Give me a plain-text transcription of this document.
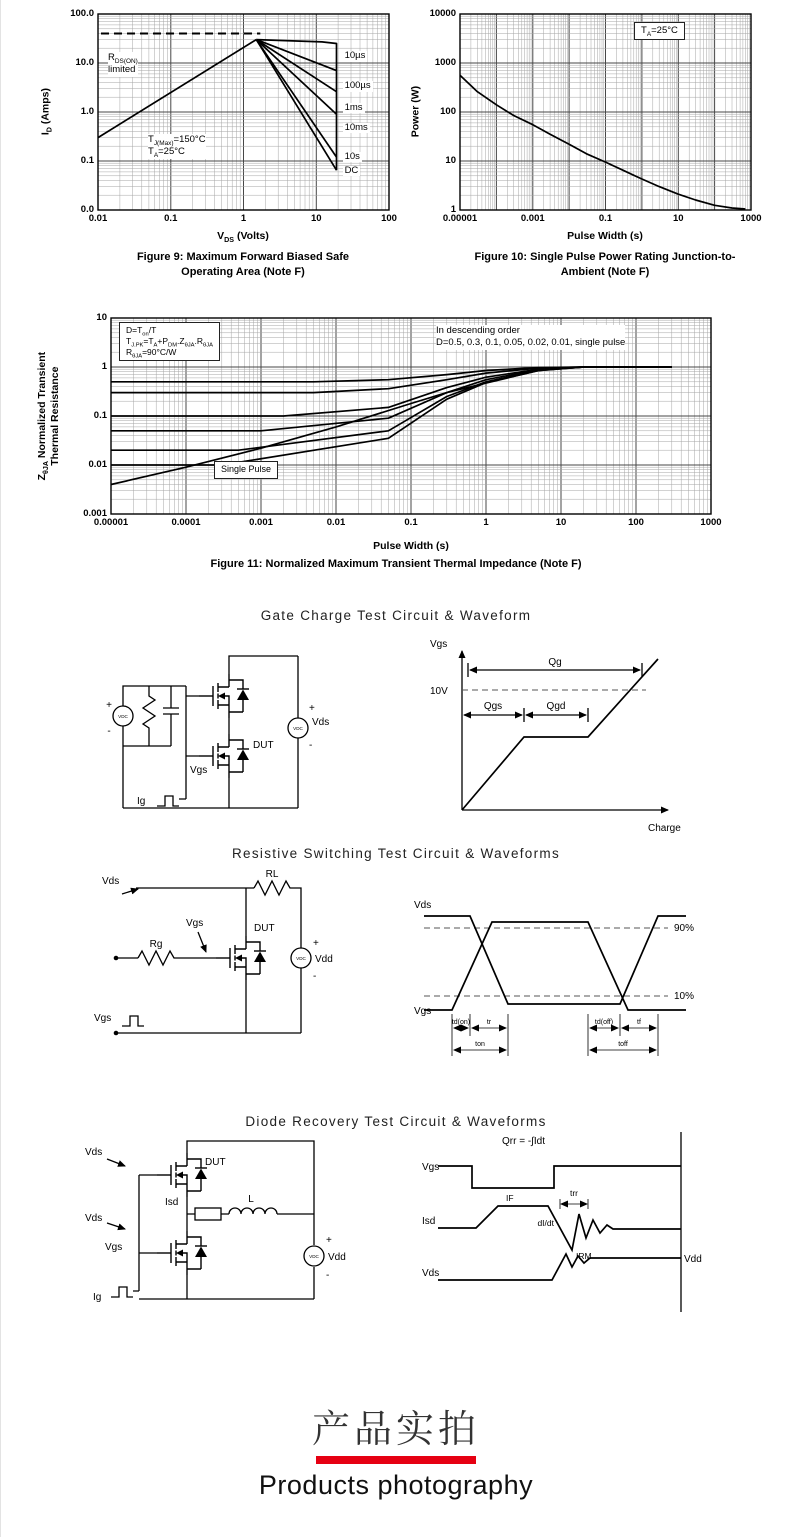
$R_{DS(ON)}$
limited
$T_{J(Max)}=150^\circ C$
$T_A=25^\circ C$
0.01	0.1	1	10	100
100.0
10.0
1.0
0.1
0.0
10µs
100µs
1ms
10ms
10s
DC
$I_D$ (Amps)
$V_{DS}$ (Volts)
Figure 9: Maximum Forward Biased Safe
Operating Area (Note F)
$T_A=25^\circ C$
0.00001	0.001	0.1	10	1000
10000
1000
100
10
1
Power (W)
Pulse Width (s)
Figure 10: Single Pulse Power Rating Junction-to-
Ambient (Note F)
$D=T_{on}/T$
$T_{J.PK}=T_A+P_{DM}.Z_{\theta JA}.R_{\theta JA}$
$R_{\theta JA}=90^\circ C/W$
In descending order
D=0.5, 0.3, 0.1, 0.05, 0.02, 0.01, single pulse
Single Pulse
0.00001	0.0001	0.001	0.01	0.1	1	10	100	1000
10
1
0.1
0.01
0.001
$Z_{\theta JA}$ Normalized Transient Thermal Resistance
Pulse Width (s)
Figure 11: Normalized Maximum Transient Thermal Impedance (Note F)
Gate Charge Test Circuit & Waveform
VDC
VDC
+
-
+
Vds
-
DUT
Vgs
Ig
Vgs
10V
Qg
Qgs	Qgd
Charge
Resistive Switching Test Circuit & Waveforms
Vds
RL
DUT
Vgs
Rg
Vgs
VDC
+
Vdd
-
Vds
Vgs
90%
10%
td(on) tr	td(off)	tf
ton	toff
Diode Recovery Test Circuit & Waveforms
Vds
Vds
DUT
Isd	L
Vgs
Ig
VDC
+
Vdd
-
Qrr = -∫Idt
Vgs
Isd
IF
dI/dt
trr
IRM
Vds
Vdd
产品实拍
Products photography
